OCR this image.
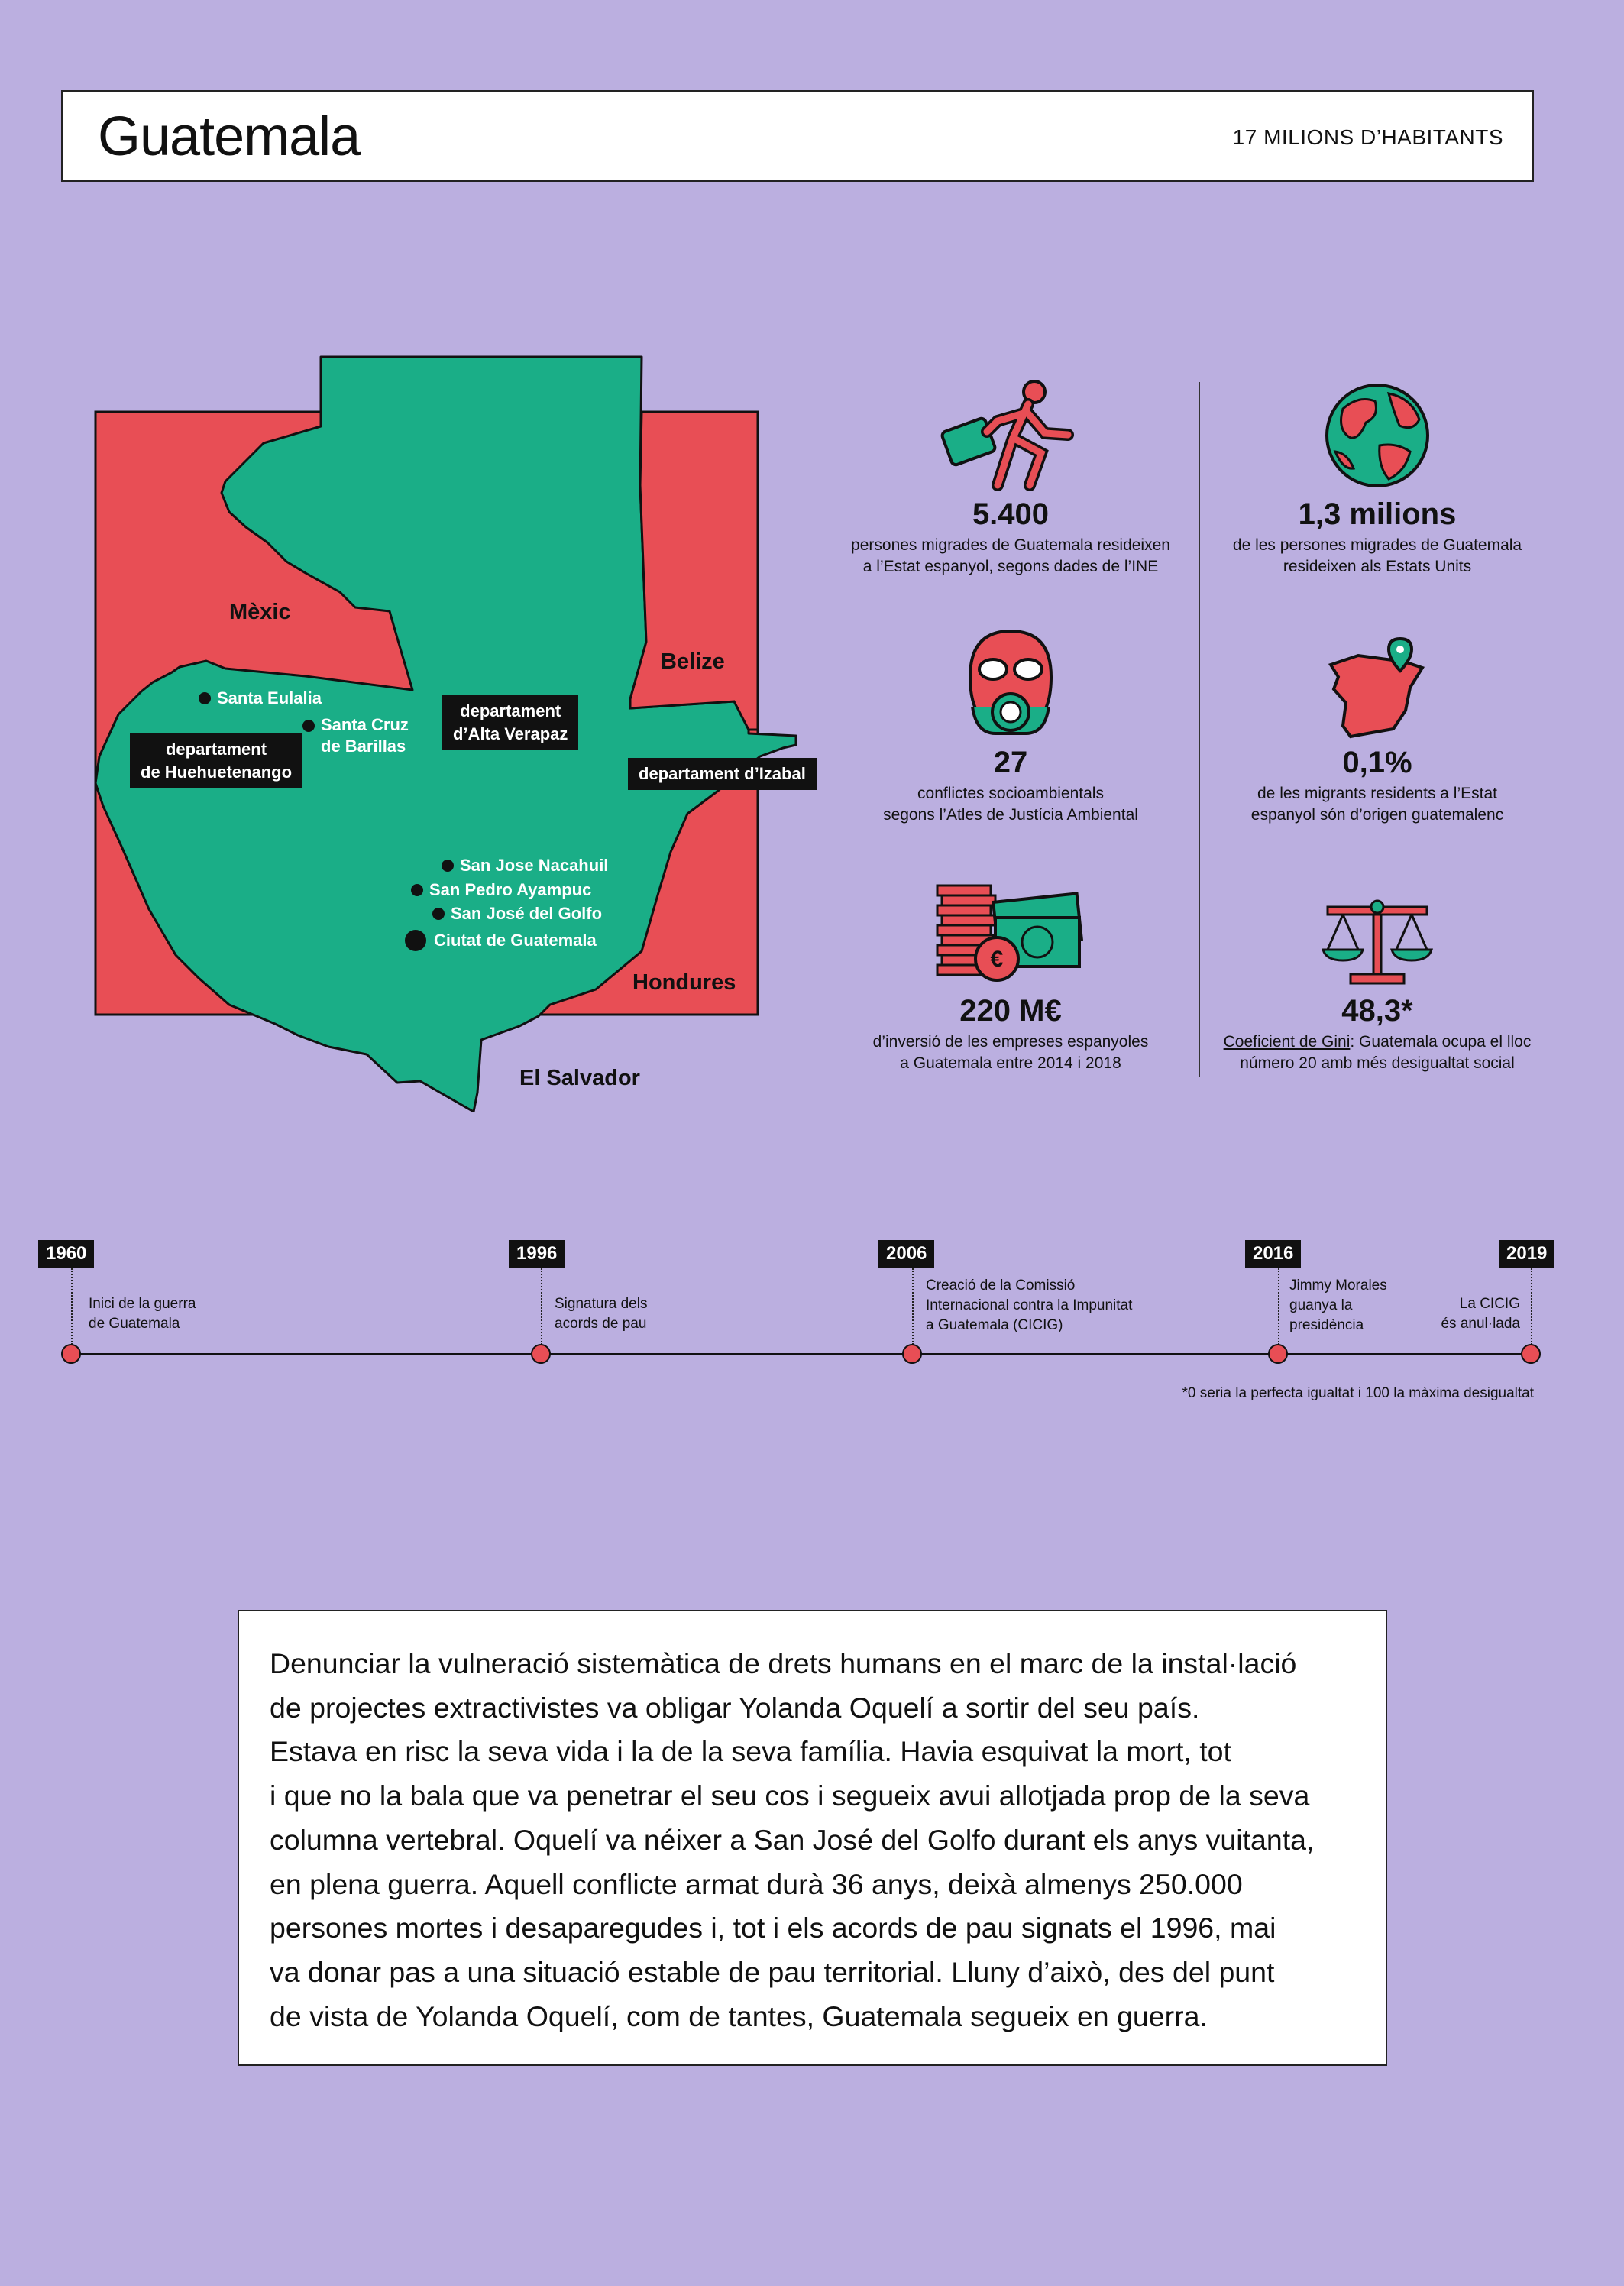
Guatemala	17 MILIONS D’HABITANTS
Mèxic
Belize
Hondures
El Salvador
Santa Eulalia
Santa Cruz
de Barillas
San Jose Nacahuil
San Pedro Ayampuc
San José del Golfo
Ciutat de Guatemala
departament
de Huehuetenango
departament
d’Alta Verapaz
departament d’Izabal
5.400
persones migrades de Guatemala resideixen
a l’Estat espanyol, segons dades de l’INE
1,3 milions
de les persones migrades de Guatemala
resideixen als Estats Units
27
conflictes socioambientals
segons l’Atles de Justícia Ambiental
0,1%
de les migrants residents a l’Estat
espanyol són d’origen guatemalenc
€
220 M€
d’inversió de les empreses espanyoles
a Guatemala entre 2014 i 2018
48,3*
Coeficient de Gini: Guatemala ocupa el lloc
número 20 amb més desigualtat social
1960
Inici de la guerra
de Guatemala
1996
Signatura dels
acords de pau
2006
Creació de la Comissió
Internacional contra la Impunitat
a Guatemala (CICIG)
2016
Jimmy Morales
guanya la
presidència
2019
La CICIG
és anul·lada
*0 seria la perfecta igualtat i 100 la màxima desigualtat

Denunciar la vulneració sistemàtica de drets humans en el marc de la instal·lació

de projectes extractivistes va obligar Yolanda Oquelí a sortir del seu país.

Estava en risc la seva vida i la de la seva família. Havia esquivat la mort, tot

i que no la bala que va penetrar el seu cos i segueix avui allotjada prop de la seva

columna vertebral. Oquelí va néixer a San José del Golfo durant els anys vuitanta,

en plena guerra. Aquell conflicte armat durà 36 anys, deixà almenys 250.000

persones mortes i desaparegudes i, tot i els acords de pau signats el 1996, mai

va donar pas a una situació estable de pau territorial. Lluny d’això, des del punt

de vista de Yolanda Oquelí, com de tantes, Guatemala segueix en guerra.
